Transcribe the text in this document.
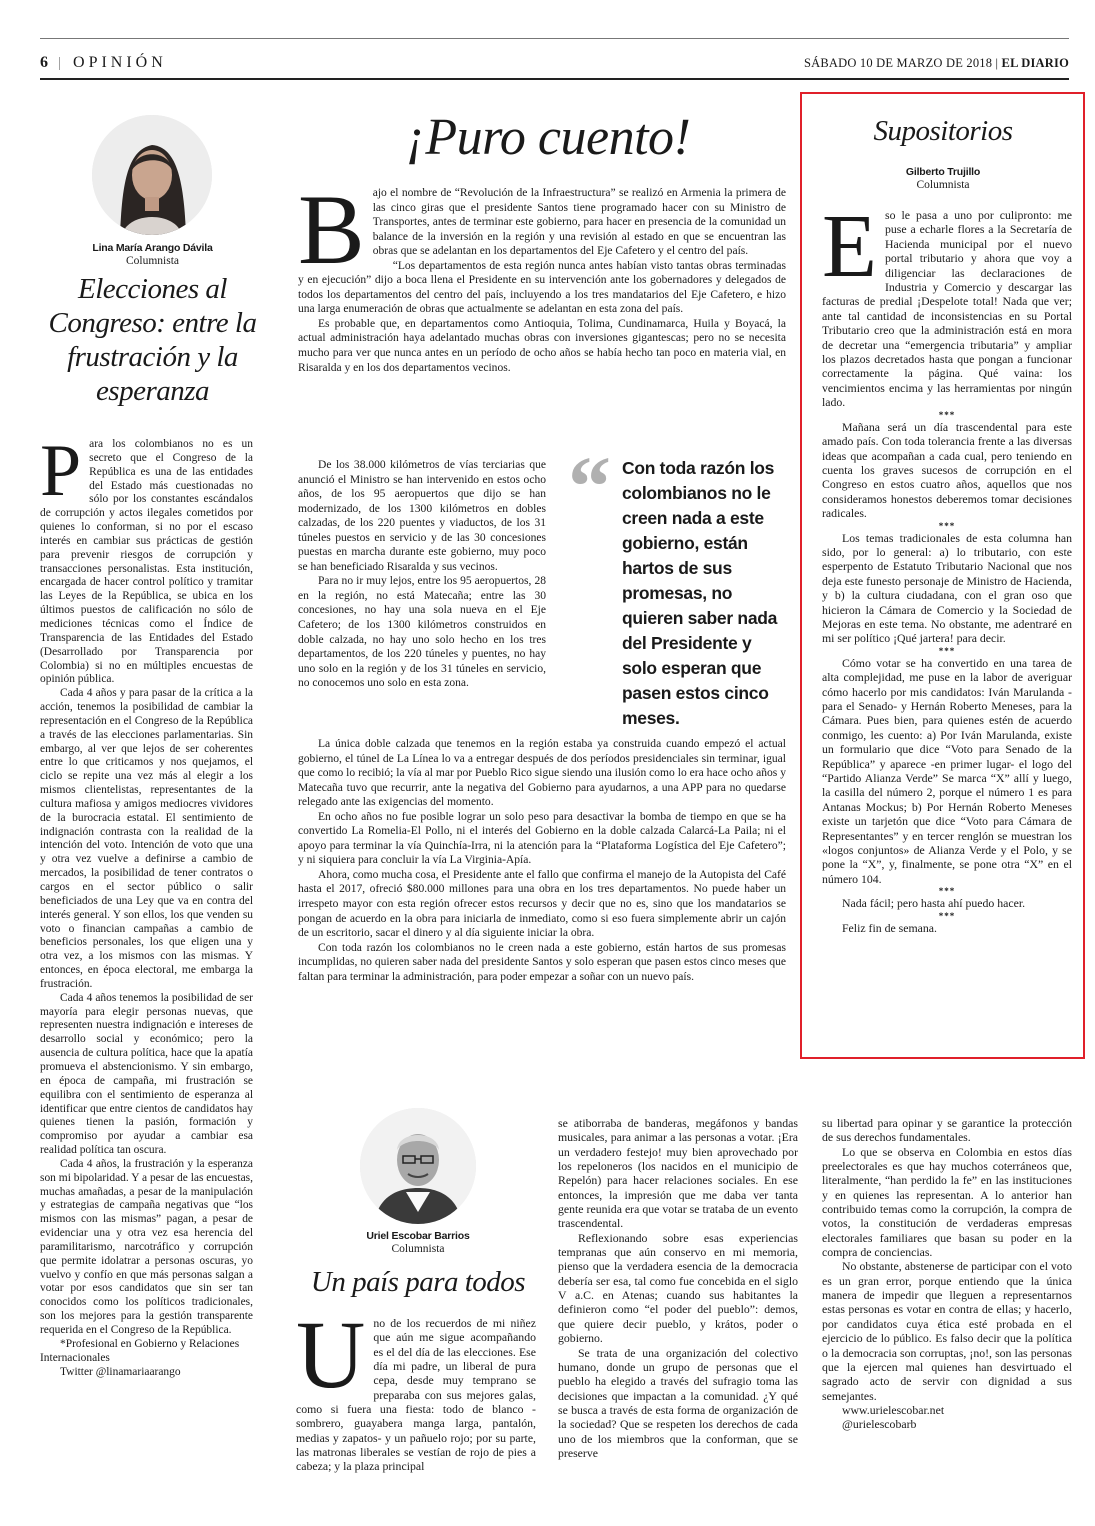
6 | OPINIÓN	SÁBADO 10 DE MARZO DE 2018 | EL DIARIO
Lina María Arango Dávila
Columnista
Elecciones al Congreso: entre la frustración y la esperanza

Para los colombianos no es un secreto que el Congreso de la República es una de las entidades del Estado más cuestionadas no sólo por los constantes escándalos de corrupción y actos ilegales cometidos por quienes lo conforman, si no por el escaso interés en cambiar sus prácticas de gestión para prevenir riesgos de corrupción y transacciones personalistas. Esta institución, encargada de hacer control político y tramitar las Leyes de la República, se ubica en los últimos puestos de calificación no sólo de mediciones técnicas como el Índice de Transparencia de las Entidades del Estado (Desarrollado por Transparencia por Colombia) si no en múltiples encuestas de opinión pública.

Cada 4 años y para pasar de la crítica a la acción, tenemos la posibilidad de cambiar la representación en el Congreso de la República a través de las elecciones parlamentarias. Sin embargo, al ver que lejos de ser coherentes entre lo que criticamos y nos quejamos, el ciclo se repite una vez más al elegir a los mismos clientelistas, representantes de la cultura mafiosa y amigos mediocres vividores de la burocracia estatal. El sentimiento de indignación contrasta con la realidad de la intención del voto. Intención de voto que una y otra vez vuelve a definirse a cambio de mercados, la posibilidad de tener contratos o cargos en el sector público o salir beneficiados de una Ley que va en contra del interés general. Y son ellos, los que venden su voto o financian campañas a cambio de beneficios personales, los que eligen una y otra vez, a los mismos con las mismas. Y entonces, en época electoral, me embarga la frustración.

Cada 4 años tenemos la posibilidad de ser mayoría para elegir personas nuevas, que representen nuestra indignación e intereses de desarrollo social y económico; pero la ausencia de cultura política, hace que la apatía promueva el abstencionismo. Y sin embargo, en época de campaña, mi frustración se equilibra con el sentimiento de esperanza al identificar que entre cientos de candidatos hay quienes tienen la pasión, formación y compromiso por ayudar a cambiar esa realidad política tan oscura.

Cada 4 años, la frustración y la esperanza son mi bipolaridad. Y a pesar de las encuestas, muchas amañadas, a pesar de la manipulación y estrategias de campaña negativas que “los mismos con las mismas” pagan, a pesar de evidenciar una y otra vez esa herencia del paramilitarismo, narcotráfico y corrupción que permite idolatrar a personas oscuras, yo vuelvo y confío en que más personas salgan a votar por esos candidatos que sin ser tan conocidos como los políticos tradicionales, son los mejores para la gestión transparente requerida en el Congreso de la República.

*Profesional en Gobierno y Relaciones Internacionales

Twitter @linamariaarango

¡Puro cuento!

Bajo el nombre de “Revolución de la Infraestructura” se realizó en Armenia la primera de las cinco giras que el presidente Santos tiene programado hacer con su Ministro de Transportes, antes de terminar este gobierno, para hacer en presencia de la comunidad un balance de la inversión en la región y una revisión al estado en que se encuentran las obras que se adelantan en los departamentos del Eje Cafetero y el centro del país.

“Los departamentos de esta región nunca antes habían visto tantas obras terminadas y en ejecución” dijo a boca llena el Presidente en su intervención ante los gobernadores y delegados de todos los departamentos del centro del país, incluyendo a los tres mandatarios del Eje Cafetero, e hizo una larga enumeración de obras que actualmente se adelantan en esta zona del país.

Es probable que, en departamentos como Antioquia, Tolima, Cundinamarca, Huila y Boyacá, la actual administración haya adelantado muchas obras con inversiones gigantescas; pero no se necesita mucho para ver que nunca antes en un período de ocho años se había hecho tan poco en materia vial, en Risaralda y en los dos departamentos vecinos.

De los 38.000 kilómetros de vías terciarias que anunció el Ministro se han intervenido en estos ocho años, de los 95 aeropuertos que dijo se han modernizado, de los 1300 kilómetros en dobles calzadas, de los 220 puentes y viaductos, de los 31 túneles puestos en servicio y de las 30 concesiones puestas en marcha durante este gobierno, muy poco se han beneficiado Risaralda y sus vecinos.

Para no ir muy lejos, entre los 95 aeropuertos, 28 en la región, no está Matecaña; entre las 30 concesiones, no hay una sola nueva en el Eje Cafetero; de los 1300 kilómetros construidos en doble calzada, no hay uno solo hecho en los tres departamentos, de los 220 túneles y puentes, no hay uno solo en la región y de los 31 túneles en servicio, no conocemos uno solo en esta zona.

“ Con toda razón los colombianos no le creen nada a este gobierno, están hartos de sus promesas, no quieren saber nada del Presidente y solo esperan que pasen estos cinco meses.

La única doble calzada que tenemos en la región estaba ya construida cuando empezó el actual gobierno, el túnel de La Línea lo va a entregar después de dos períodos presidenciales sin terminar, igual que como lo recibió; la vía al mar por Pueblo Rico sigue siendo una ilusión como lo era hace ocho años y Matecaña tuvo que recurrir, ante la negativa del Gobierno para ayudarnos, a una APP para no quedarse relegado ante las exigencias del momento.

En ocho años no fue posible lograr un solo peso para desactivar la bomba de tiempo en que se ha convertido La Romelia-El Pollo, ni el interés del Gobierno en la doble calzada Calarcá-La Paila; ni el apoyo para terminar la vía Quinchía-Irra, ni la atención para la “Plataforma Logística del Eje Cafetero”; y ni siquiera para concluir la vía La Virginia-Apía.

Ahora, como mucha cosa, el Presidente ante el fallo que confirma el manejo de la Autopista del Café hasta el 2017, ofreció $80.000 millones para una obra en los tres departamentos. No puede haber un irrespeto mayor con esta región ofrecer estos recursos y decir que no es, sino que los mandatarios se pongan de acuerdo en la obra para iniciarla de inmediato, como si eso fuera simplemente abrir un cajón de un escritorio, sacar el dinero y al día siguiente iniciar la obra.

Con toda razón los colombianos no le creen nada a este gobierno, están hartos de sus promesas incumplidas, no quieren saber nada del presidente Santos y solo esperan que pasen estos cinco meses que faltan para terminar la administración, para poder empezar a soñar con un nuevo país.

Supositorios
Gilberto Trujillo
Columnista

Eso le pasa a uno por culipronto: me puse a echarle flores a la Secretaría de Hacienda municipal por el nuevo portal tributario y ahora que voy a diligenciar las declaraciones de Industria y Comercio y descargar las facturas de predial ¡Despelote total! Nada que ver; ante tal cantidad de inconsistencias en su Portal Tributario creo que la administración está en mora de decretar una “emergencia tributaria” y ampliar los plazos decretados hasta que pongan a funcionar correctamente la página. Qué vaina: los vencimientos encima y las herramientas por ningún lado.

***

Mañana será un día trascendental para este amado país. Con toda tolerancia frente a las diversas ideas que acompañan a cada cual, pero teniendo en cuenta los graves sucesos de corrupción en el Congreso en estos cuatro años, aquellos que nos consideramos honestos deberemos tomar decisiones radicales.

***

Los temas tradicionales de esta columna han sido, por lo general: a) lo tributario, con este esperpento de Estatuto Tributario Nacional que nos deja este funesto personaje de Ministro de Hacienda, y b) la cultura ciudadana, con el gran oso que hicieron la Cámara de Comercio y la Sociedad de Mejoras en este tema. No obstante, me adentraré en mi ser político ¡Qué jartera! para decir.

***

Cómo votar se ha convertido en una tarea de alta complejidad, me puse en la labor de averiguar cómo hacerlo por mis candidatos: Iván Marulanda -para el Senado- y Hernán Roberto Meneses, para la Cámara. Pues bien, para quienes estén de acuerdo conmigo, les cuento: a) Por Iván Marulanda, existe un formulario que dice “Voto para Senado de la República” y aparece -en primer lugar- el logo del “Partido Alianza Verde” Se marca “X” allí y luego, la casilla del número 2, porque el número 1 es para Antanas Mockus; b) Por Hernán Roberto Meneses existe un tarjetón que dice “Voto para Cámara de Representantes” y en tercer renglón se muestran los «logos conjuntos» de Alianza Verde y el Polo, y se pone la “X”, y, finalmente, se pone otra “X” en el número 104.

***

Nada fácil; pero hasta ahí puedo hacer.

***

Feliz fin de semana.

Uriel Escobar Barrios
Columnista
Un país para todos

Uno de los recuerdos de mi niñez que aún me sigue acompañando es el del día de las elecciones. Ese día mi padre, un liberal de pura cepa, desde muy temprano se preparaba con sus mejores galas, como si fuera una fiesta: todo de blanco -sombrero, guayabera manga larga, pantalón, medias y zapatos- y un pañuelo rojo; por su parte, las matronas liberales se vestían de rojo de pies a cabeza; y la plaza principal

se atiborraba de banderas, megáfonos y bandas musicales, para animar a las personas a votar. ¡Era un verdadero festejo! muy bien aprovechado por los repeloneros (los nacidos en el municipio de Repelón) para hacer relaciones sociales. En ese entonces, la impresión que me daba ver tanta gente reunida era que votar se trataba de un evento trascendental.

Reflexionando sobre esas experiencias tempranas que aún conservo en mi memoria, pienso que la verdadera esencia de la democracia debería ser esa, tal como fue concebida en el siglo V a.C. en Atenas; cuando sus habitantes la definieron como “el poder del pueblo”: demos, que quiere decir pueblo, y krátos, poder o gobierno.

Se trata de una organización del colectivo humano, donde un grupo de personas que el pueblo ha elegido a través del sufragio toma las decisiones que impactan a la comunidad. ¿Y qué se busca a través de esta forma de organización de la sociedad? Que se respeten los derechos de cada uno de los miembros que la conforman, que se preserve

su libertad para opinar y se garantice la protección de sus derechos fundamentales.

Lo que se observa en Colombia en estos días preelectorales es que hay muchos coterráneos que, literalmente, “han perdido la fe” en las instituciones y en quienes las representan. A lo anterior han contribuido temas como la corrupción, la compra de votos, la constitución de verdaderas empresas electorales familiares que basan su poder en la compra de conciencias.

No obstante, abstenerse de participar con el voto es un gran error, porque entiendo que la única manera de impedir que lleguen a representarnos estas personas es votar en contra de ellas; y hacerlo, por candidatos cuya ética esté probada en el ejercicio de lo público. Es falso decir que la política o la democracia son corruptas, ¡no!, son las personas que la ejercen mal quienes han desvirtuado el sagrado acto de servir con dignidad a sus semejantes.

www.urielescobar.net

@urielescobarb
